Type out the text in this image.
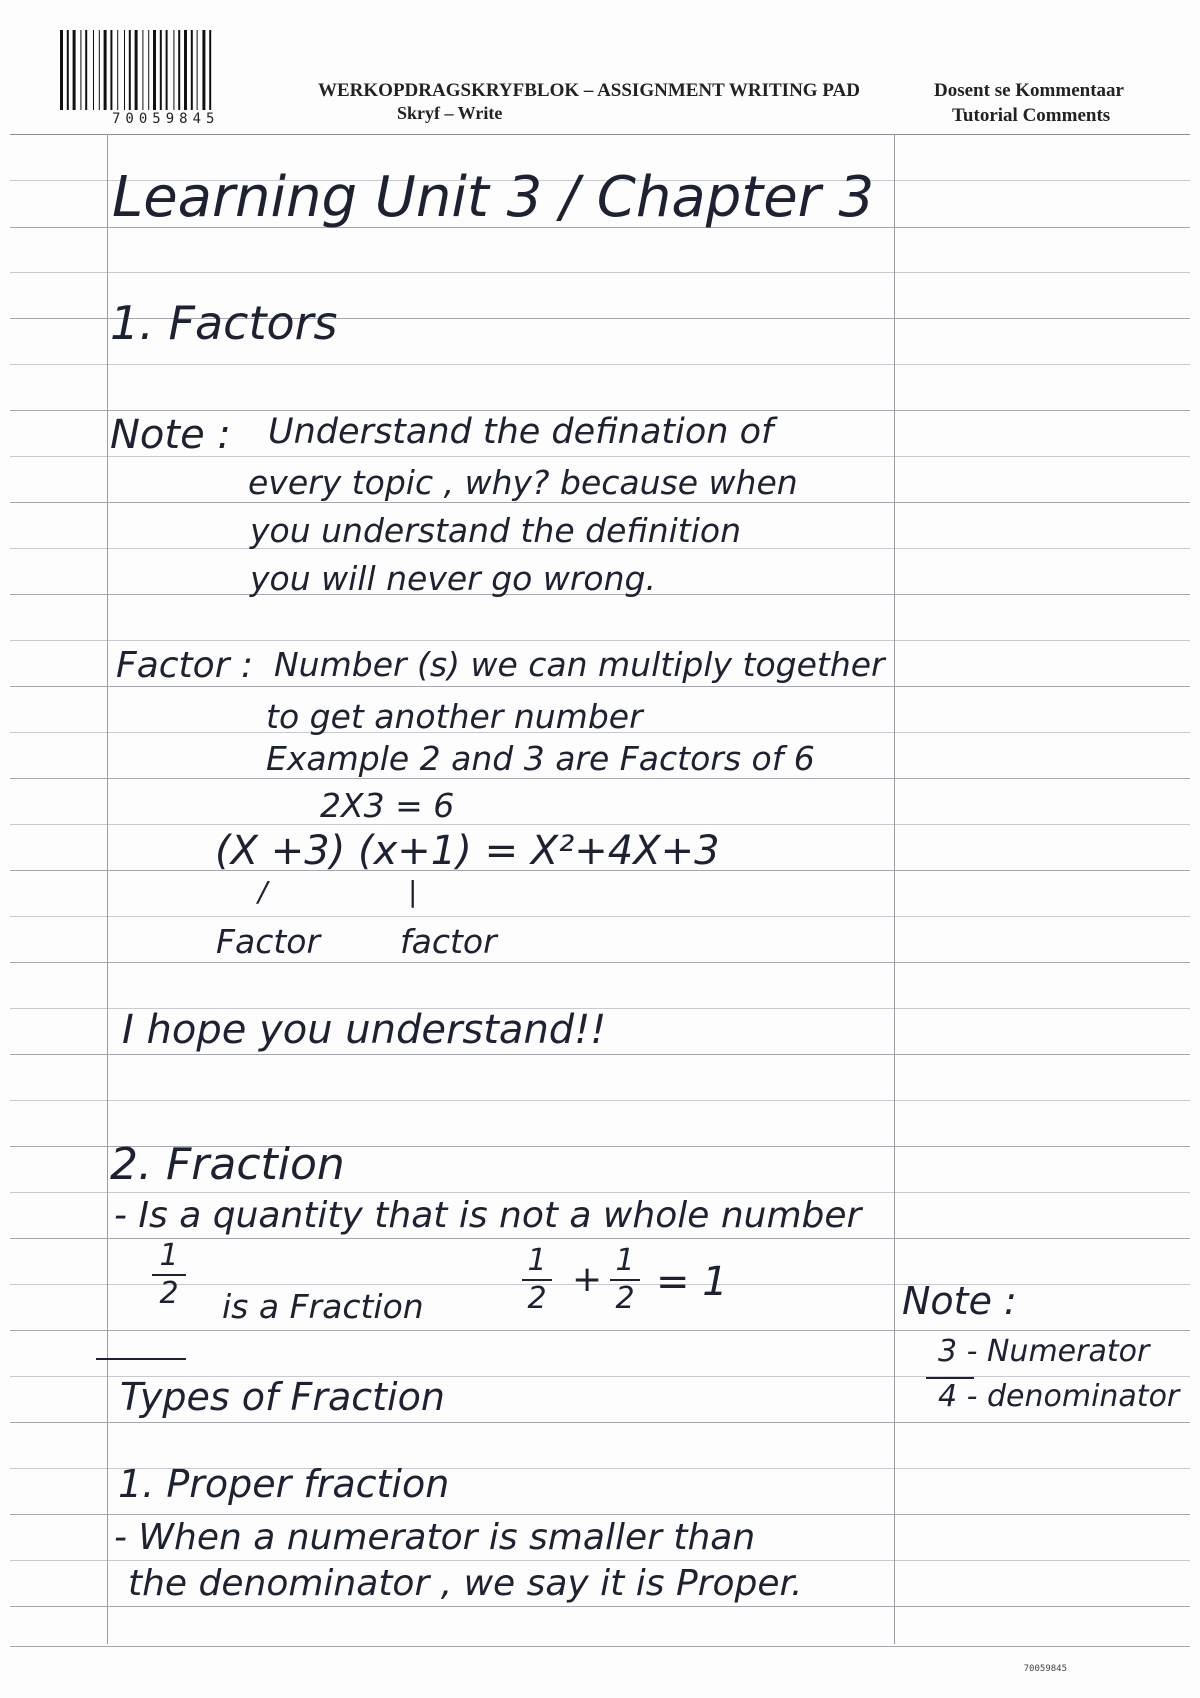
70059845
WERKOPDRAGSKRYFBLOK – ASSIGNMENT WRITING PAD
Skryf – Write
Dosent se Kommentaar
Tutorial Comments
Learning Unit 3 / Chapter 3
1. Factors
Note : Understand the defination of
every topic , why? because when
you understand the definition
you will never go wrong.
Factor : Number (s) we can multiply together
to get another number
Example 2 and 3 are Factors of 6
2X3 = 6
(X +3) (x+1) = X²+4X+3
/	|
Factor factor
I hope you understand!!
2. Fraction
- Is a quantity that is not a whole number
1
2 is a Fraction
1
2 + 1
2 = 1
Types of Fraction
1. Proper fraction
- When a numerator is smaller than
the denominator , we say it is Proper.
Note :
3 - Numerator
4 - denominator
70059845
